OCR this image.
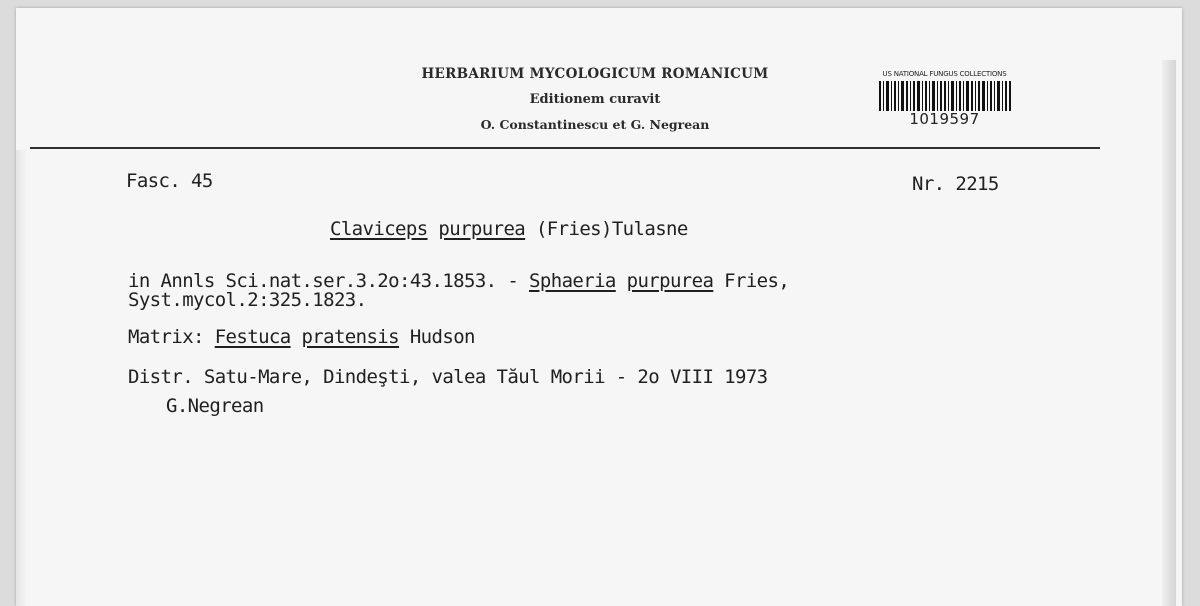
HERBARIUM MYCOLOGICUM ROMANICUM
Editionem curavit
O. Constantinescu et G. Negrean
US NATIONAL FUNGUS COLLECTIONS
1019597
Fasc. 45	Nr. 2215
Claviceps purpurea (Fries)Tulasne
in Annls Sci.nat.ser.3.2o:43.1853. - Sphaeria purpurea Fries,
Syst.mycol.2:325.1823.
Matrix: Festuca pratensis Hudson
Distr. Satu-Mare, Dindeşti, valea Tăul Morii - 2o VIII 1973
G.Negrean
